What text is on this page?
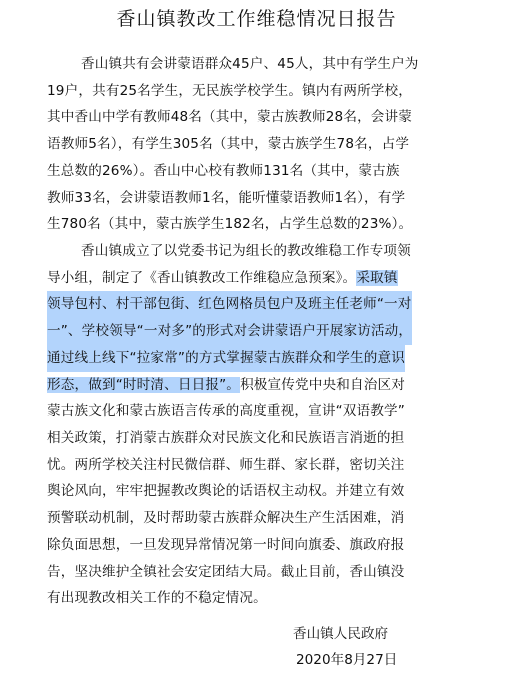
香山镇教改工作维稳情况日报告
香山镇共有会讲蒙语群众45户、45人，其中有学生户为
19户，共有25名学生，无民族学校学生。镇内有两所学校，
其中香山中学有教师48名（其中，蒙古族教师28名，会讲蒙
语教师5名），有学生305名（其中，蒙古族学生78名，占学
生总数的26%）。香山中心校有教师131名（其中，蒙古族
教师33名，会讲蒙语教师1名，能听懂蒙语教师1名），有学
生780名（其中，蒙古族学生182名，占学生总数的23%）。
香山镇成立了以党委书记为组长的教改维稳工作专项领
导小组，制定了《香山镇教改工作维稳应急预案》。采取镇
领导包村、村干部包街、红色网格员包户及班主任老师“一对
一”、学校领导“一对多”的形式对会讲蒙语户开展家访活动，
通过线上线下“拉家常”的方式掌握蒙古族群众和学生的意识
形态，做到“时时清、日日报”。积极宣传党中央和自治区对
蒙古族文化和蒙古族语言传承的高度重视，宣讲“双语教学”
相关政策，打消蒙古族群众对民族文化和民族语言消逝的担
忧。两所学校关注村民微信群、师生群、家长群，密切关注
舆论风向，牢牢把握教改舆论的话语权主动权。并建立有效
预警联动机制，及时帮助蒙古族群众解决生产生活困难，消
除负面思想，一旦发现异常情况第一时间向旗委、旗政府报
告，坚决维护全镇社会安定团结大局。截止目前，香山镇没
有出现教改相关工作的不稳定情况。
香山镇人民政府
2020年8月27日
